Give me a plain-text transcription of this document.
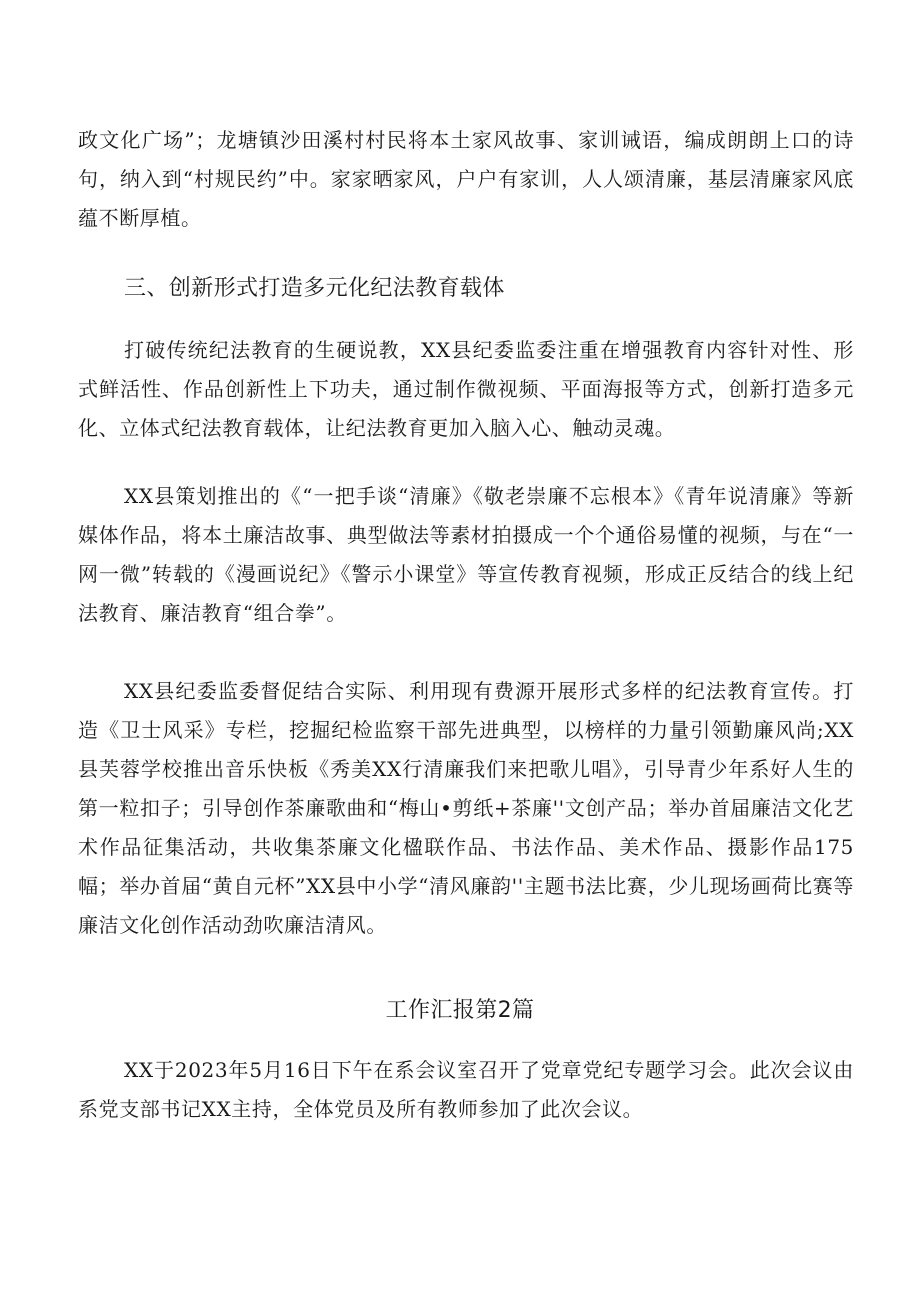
政文化广场”；龙塘镇沙田溪村村民将本土家风故事、家训诫语，编成朗朗上口的诗句，纳入到“村规民约”中。家家晒家风，户户有家训，人人颂清廉，基层清廉家风底蕴不断厚植。

三、创新形式打造多元化纪法教育载体

打破传统纪法教育的生硬说教，XX县纪委监委注重在增强教育内容针对性、形式鲜活性、作品创新性上下功夫，通过制作微视频、平面海报等方式，创新打造多元化、立体式纪法教育载体，让纪法教育更加入脑入心、触动灵魂。

XX县策划推出的《“一把手谈“清廉》《敬老崇廉不忘根本》《青年说清廉》等新媒体作品，将本土廉洁故事、典型做法等素材拍摄成一个个通俗易懂的视频，与在“一网一微”转载的《漫画说纪》《警示小课堂》等宣传教育视频，形成正反结合的线上纪法教育、廉洁教育“组合拳”。

XX县纪委监委督促结合实际、利用现有费源开展形式多样的纪法教育宣传。打造《卫士风采》专栏，挖掘纪检监察干部先进典型，以榜样的力量引领勤廉风尚;XX县芙蓉学校推出音乐快板《秀美XX行清廉我们来把歌儿唱》，引导青少年系好人生的第一粒扣子；引导创作茶廉歌曲和“梅山•剪纸+茶廉''文创产品；举办首届廉洁文化艺术作品征集活动，共收集茶廉文化楹联作品、书法作品、美术作品、摄影作品175幅；举办首届“黄自元杯”XX县中小学“清风廉韵''主题书法比赛，少儿现场画荷比赛等廉洁文化创作活动劲吹廉洁清风。

工作汇报第2篇

XX于2023年5月16日下午在系会议室召开了党章党纪专题学习会。此次会议由系党支部书记XX主持，全体党员及所有教师参加了此次会议。
